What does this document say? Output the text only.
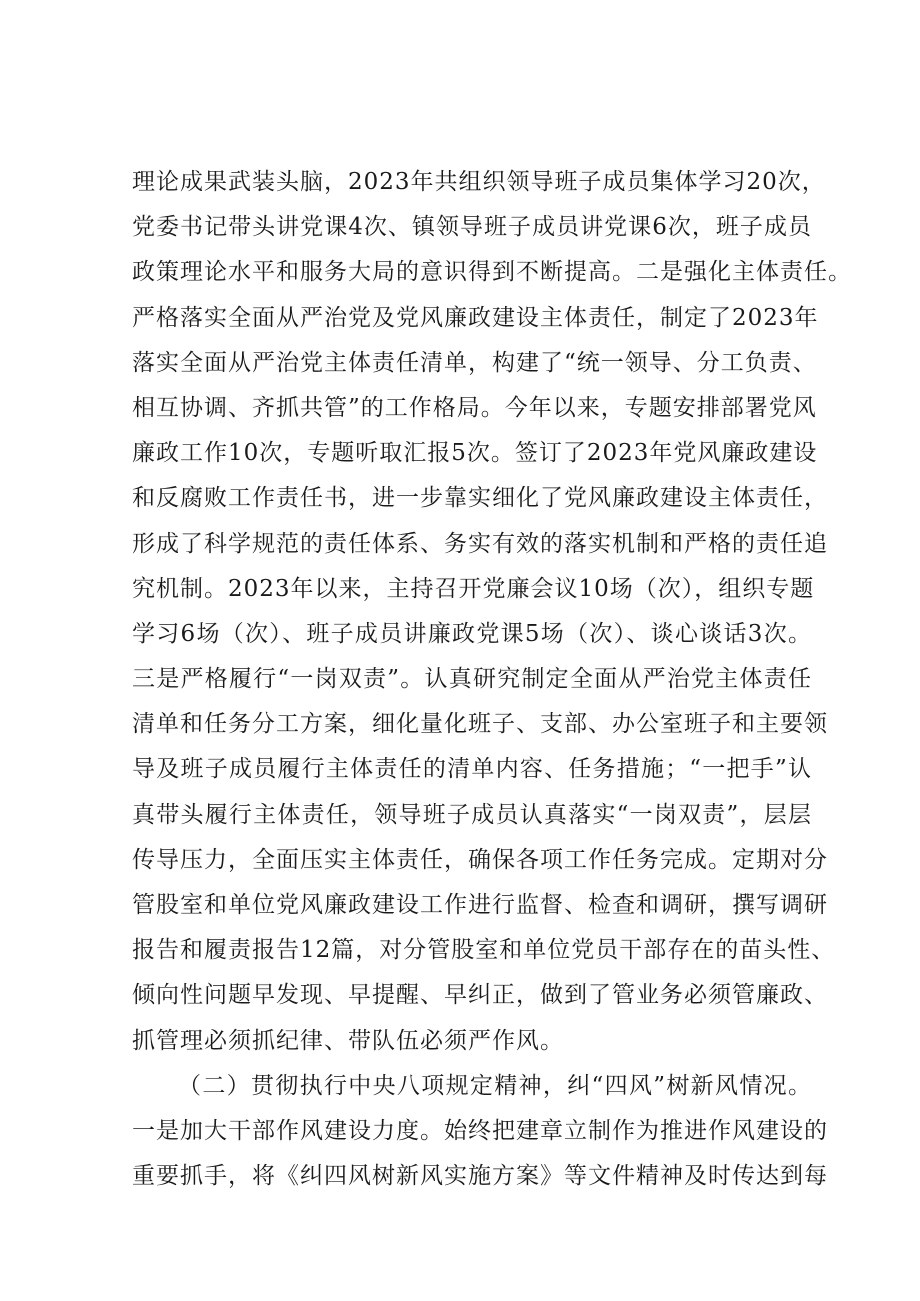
理论成果武装头脑，2023年共组织领导班子成员集体学习20次，
党委书记带头讲党课4次、镇领导班子成员讲党课6次，班子成员
政策理论水平和服务大局的意识得到不断提高。二是强化主体责任。
严格落实全面从严治党及党风廉政建设主体责任，制定了2023年
落实全面从严治党主体责任清单，构建了“统一领导、分工负责、
相互协调、齐抓共管”的工作格局。今年以来，专题安排部署党风
廉政工作10次，专题听取汇报5次。签订了2023年党风廉政建设
和反腐败工作责任书，进一步靠实细化了党风廉政建设主体责任，
形成了科学规范的责任体系、务实有效的落实机制和严格的责任追
究机制。2023年以来，主持召开党廉会议10场（次），组织专题
学习6场（次）、班子成员讲廉政党课5场（次）、谈心谈话3次。
三是严格履行“一岗双责”。认真研究制定全面从严治党主体责任
清单和任务分工方案，细化量化班子、支部、办公室班子和主要领
导及班子成员履行主体责任的清单内容、任务措施；“一把手”认
真带头履行主体责任，领导班子成员认真落实“一岗双责”，层层
传导压力，全面压实主体责任，确保各项工作任务完成。定期对分
管股室和单位党风廉政建设工作进行监督、检查和调研，撰写调研
报告和履责报告12篇，对分管股室和单位党员干部存在的苗头性、
倾向性问题早发现、早提醒、早纠正，做到了管业务必须管廉政、
抓管理必须抓纪律、带队伍必须严作风。
（二）贯彻执行中央八项规定精神，纠“四风”树新风情况。
一是加大干部作风建设力度。始终把建章立制作为推进作风建设的
重要抓手，将《纠四风树新风实施方案》等文件精神及时传达到每
